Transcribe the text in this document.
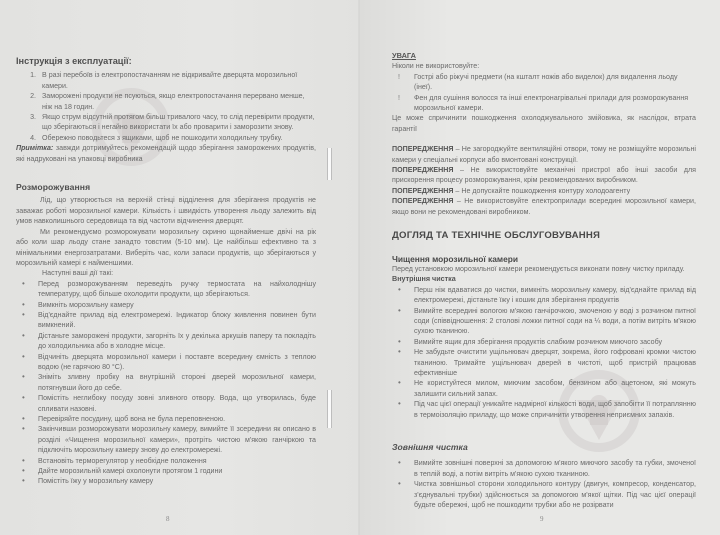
Інструкція з експлуатації:
1. В разі перебоїв із електропостачанням не відкривайте дверцята морозильної камери.
2. Заморожені продукти не псуються, якщо електропостачання перервано менше, ніж на 18 годин.
3. Якщо струм відсутній протягом більш тривалого часу, то слід перевірити продукти, що зберігаються і негайно використати їх або проварити і заморозити знову.
4. Обережно поводьтеся з ящиками, щоб не пошкодити холодильну трубку.

Примітка: завжди дотримуйтесь рекомендацій щодо зберігання заморожених продуктів, які надруковані на упаковці виробника

Розморожування

Лід, що утворюється на верхній стінці відділення для зберігання продуктів не заважає роботі морозильної камери. Кількість і швидкість утворення льоду залежить від умов навколишнього середовища та від частоти відчинення дверцят.

Ми рекомендуємо розморожувати морозильну скриню щонайменше двічі на рік або коли шар льоду стане занадто товстим (5-10 мм). Це найбільш ефективно та з мінімальними енергозатратами. Виберіть час, коли запаси продуктів, що зберігаються у морозильній камері є найменшими.

Наступні ваші дії такі:

• Перед розморожуванням переведіть ручку термостата на найхолоднішу температуру, щоб більше охолодити продукти, що зберігаються.
• Вимкніть морозильну камеру
• Від'єднайте прилад від електромережі. Індикатор блоку живлення повинен бути вимкнений.
• Дістаньте заморожені продукти, загорніть їх у декілька аркушів паперу та покладіть до холодильника або в холодне місце.
• Відчиніть дверцята морозильної камери і поставте всередину ємність з теплою водою (не гарячою 80 °C).
• Зніміть зливну пробку на внутрішній стороні дверей морозильної камери, потягнувши його до себе.
• Помістіть неглибоку посуду зовні зливного отвору. Вода, що утворилась, буде спливати назовні.
• Перевіряйте посудину, щоб вона не була переповненою.
• Закінчивши розморожувати морозильну камеру, вимийте її зсередини як описано в розділі «Чищення морозильної камери», протріть чистою м'якою ганчіркою та підключіть морозильну камеру знову до електромережі.
• Встановіть терморегулятор у необхідне положення
• Дайте морозильній камері охолонути протягом 1 години
• Помістіть їжу у морозильну камеру
8
УВАГА

Ніколи не використовуйте:

! Гострі або ріжучі предмети (на кшталт ножів або виделок) для видалення льоду (інеї).
! Фен для сушіння волосся та інші електронагрівальні прилади для розморожування морозильної камери.

Це може спричинити пошкодження охолоджувального змійовика, як наслідок, втрата гарантії

ПОПЕРЕДЖЕННЯ – Не загороджуйте вентиляційні отвори, тому не розміщуйте морозильні камери у спеціальні корпуси або вмонтовані конструкції.

ПОПЕРЕДЖЕННЯ – Не використовуйте механічні пристрої або інші засоби для прискорення процесу розморожування, крім рекомендованих виробником.

ПОПЕРЕДЖЕННЯ – Не допускайте пошкодження контуру холодоагенту

ПОПЕРЕДЖЕННЯ – Не використовуйте електроприлади всередині морозильної камери, якщо вони не рекомендовані виробником.

ДОГЛЯД ТА ТЕХНІЧНЕ ОБСЛУГОВУВАННЯ
Чищення морозильної камери

Перед установкою морозильної камери рекомендується виконати повну чистку приладу.

Внутрішня чистка
• Перш ніж вдаватися до чистки, вимкніть морозильну камеру, від'єднайте прилад від електромережі, дістаньте їжу і кошик для зберігання продуктів
• Вимийте всередині вологою м'якою ганчірочкою, змоченою у воді з розчином питної соди (співвідношення: 2 столові ложки питної соди на ¼ води, а потім витріть м'якою сухою тканиною.
• Вимийте ящик для зберігання продуктів слабким розчином миючого засобу
• Не забудьте очистити ущільнювач дверцят, зокрема, його гофровані кромки чистою тканиною. Тримайте ущільнювач дверей в чистоті, щоб пристрій працював ефективніше
• Не користуйтеся милом, миючим засобом, бензином або ацетоном, які можуть залишити сильний запах.
• Під час цієї операції уникайте надмірної кількості води, щоб запобігти її потраплянню в термоізоляцію приладу, що може спричинити утворення неприємних запахів.
Зовнішня чистка
• Вимийте зовнішні поверхні за допомогою м'якого миючого засобу та губки, змоченої в теплій воді, а потім витріть м'якою сухою тканиною.
• Чистка зовнішньої сторони холодильного контуру (двигун, компресор, конденсатор, з'єднувальні трубки) здійснюється за допомогою м'якої щітки. Під час цієї операції будьте обережні, щоб не пошкодити трубки або не розірвати
9
